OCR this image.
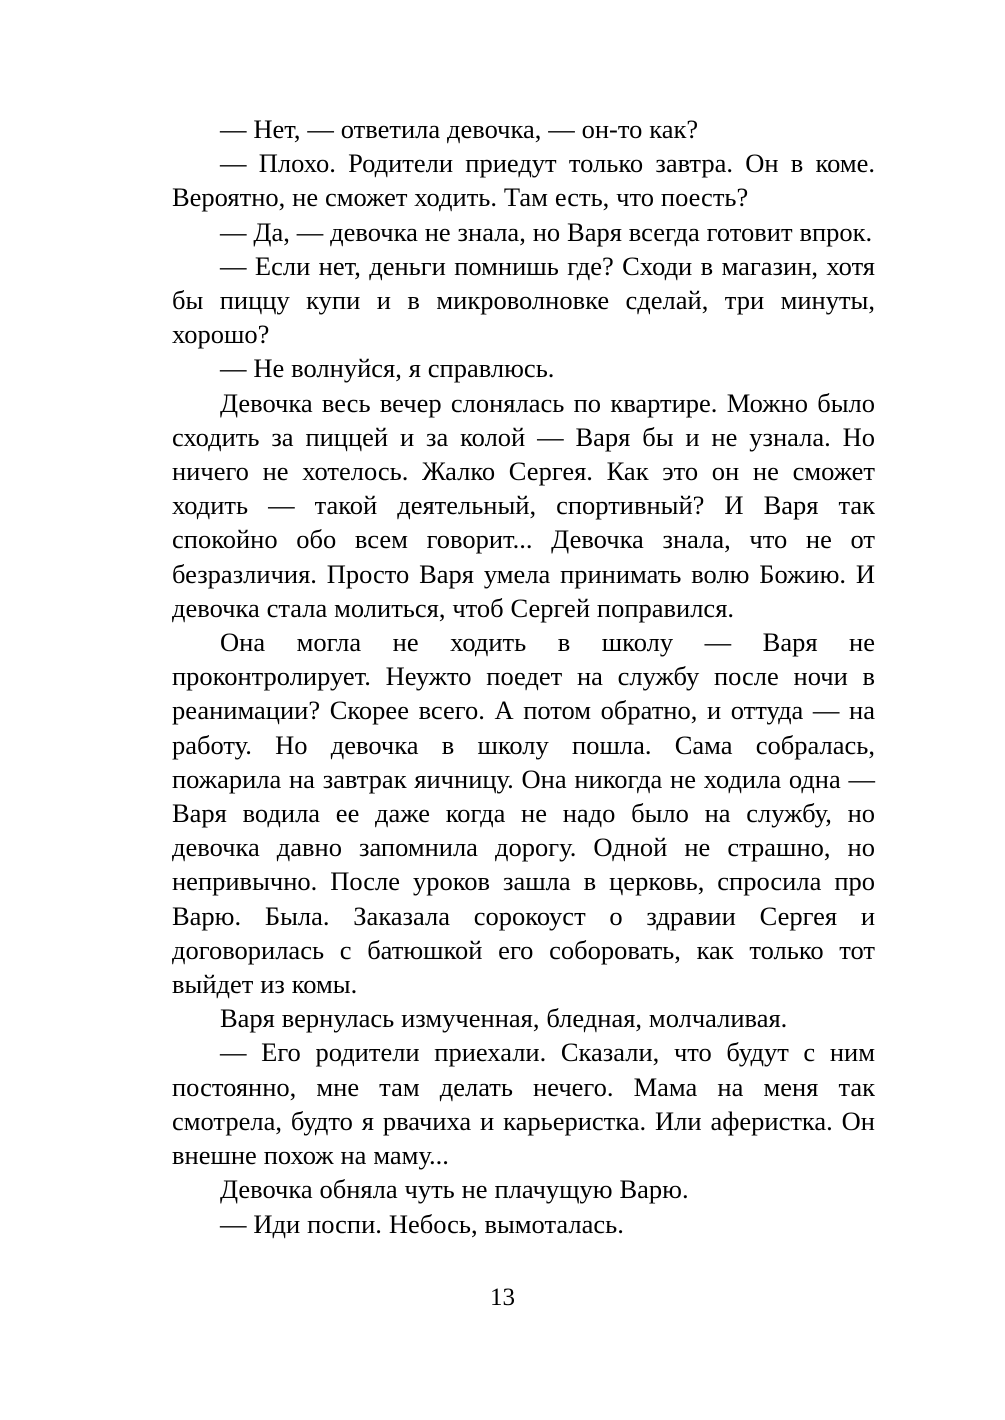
— Нет, — ответила девочка, — он-то как?

— Плохо. Родители приедут только завтра. Он в коме. Вероятно, не сможет ходить. Там есть, что поесть?

— Да, — девочка не знала, но Варя всегда готовит впрок.

— Если нет, деньги помнишь где? Сходи в магазин, хотя бы пиццу купи и в микроволновке сделай, три минуты, хорошо?

— Не волнуйся, я справлюсь.

Девочка весь вечер слонялась по квартире. Можно было сходить за пиццей и за колой — Варя бы и не узнала. Но ничего не хотелось. Жалко Сергея. Как это он не сможет ходить — такой деятельный, спортивный? И Варя так спокойно обо всем говорит... Девочка знала, что не от безразличия. Просто Варя умела принимать волю Божию. И девочка стала молиться, чтоб Сергей поправился.

Она могла не ходить в школу — Варя не проконтролирует. Неужто поедет на службу после ночи в реанимации? Скорее всего. А потом обратно, и оттуда — на работу. Но девочка в школу пошла. Сама собралась, пожарила на завтрак яичницу. Она никогда не ходила одна — Варя водила ее даже когда не надо было на службу, но девочка давно запомнила дорогу. Одной не страшно, но непривычно. После уроков зашла в церковь, спросила про Варю. Была. Заказала сорокоуст о здравии Сергея и договорилась с батюшкой его соборовать, как только тот выйдет из комы.

Варя вернулась измученная, бледная, молчаливая.

— Его родители приехали. Сказали, что будут с ним постоянно, мне там делать нечего. Мама на меня так смотрела, будто я рвачиха и карьеристка. Или аферистка. Он внешне похож на маму...

Девочка обняла чуть не плачущую Варю.

— Иди поспи. Небось, вымоталась.

13
